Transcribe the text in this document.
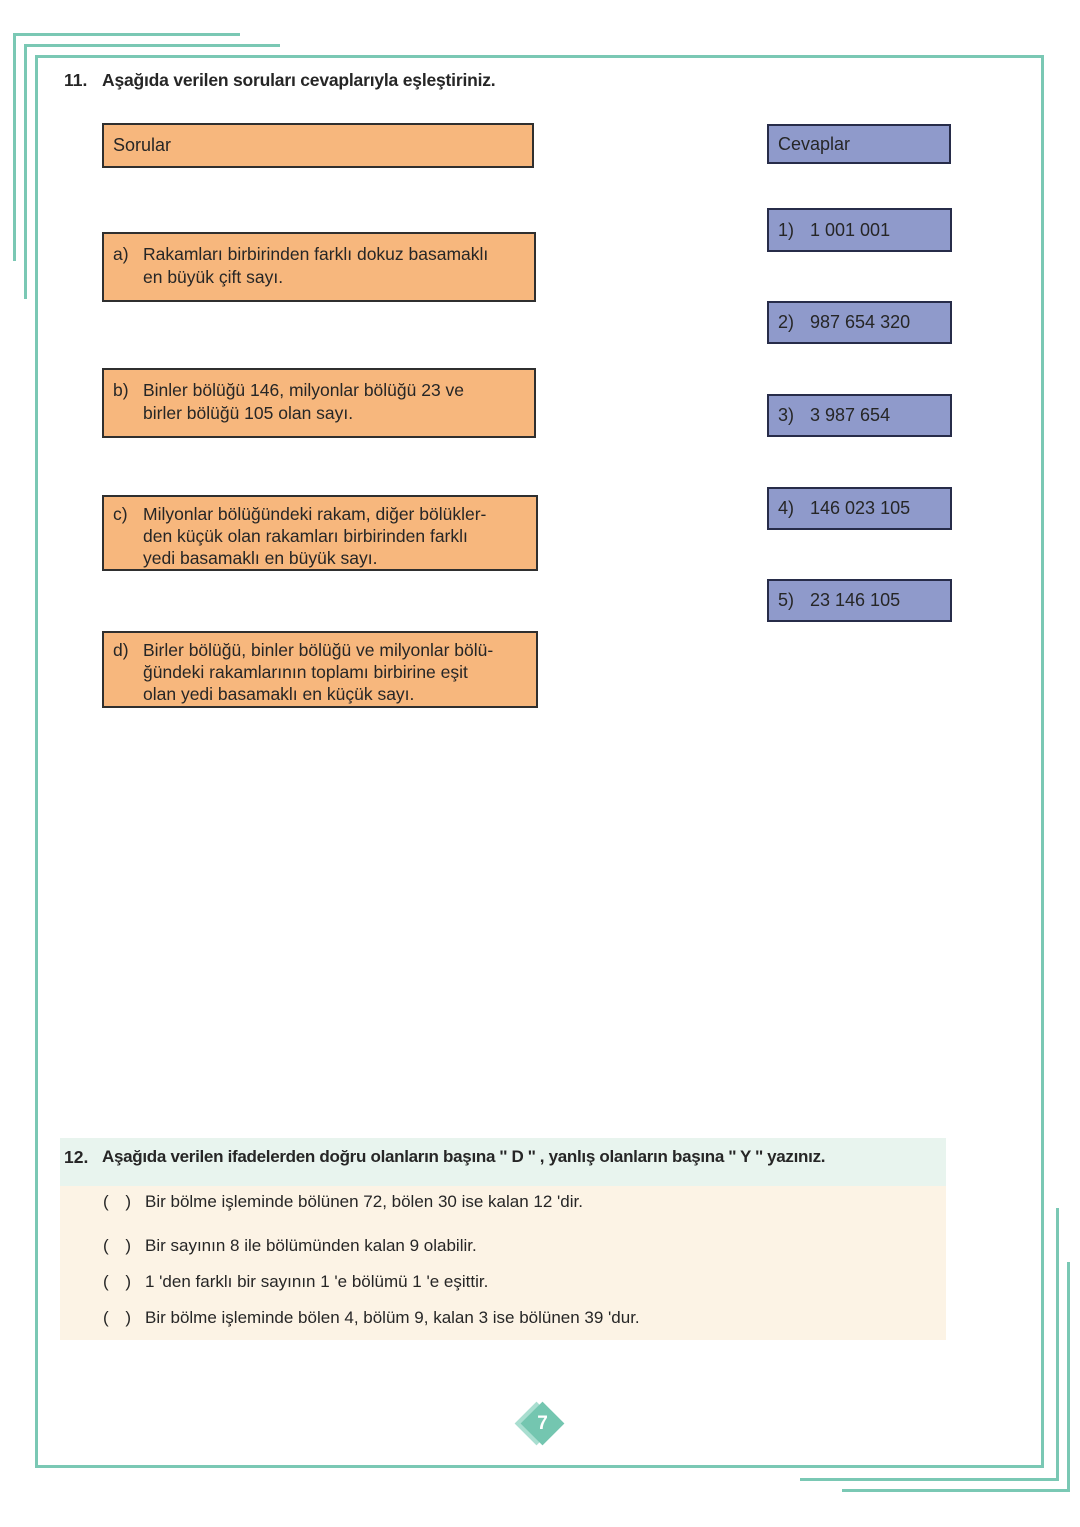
11. Aşağıda verilen soruları cevaplarıyla eşleştiriniz.
Sorular
a) Rakamları birbirinden farklı dokuz basamaklı
en büyük çift sayı.
b) Binler bölüğü 146, milyonlar bölüğü 23 ve
birler bölüğü 105 olan sayı.
c) Milyonlar bölüğündeki rakam, diğer bölükler-
den küçük olan rakamları birbirinden farklı
yedi basamaklı en büyük sayı.
d) Birler bölüğü, binler bölüğü ve milyonlar bölü-
ğündeki rakamlarının toplamı birbirine eşit
olan yedi basamaklı en küçük sayı.
Cevaplar
1) 1 001 001
2) 987 654 320
3) 3 987 654
4) 146 023 105
5) 23 146 105
12. Aşağıda verilen ifadelerden doğru olanların başına '' D '' , yanlış olanların başına '' Y '' yazınız.
( ) Bir bölme işleminde bölünen 72, bölen 30 ise kalan 12 'dir.
( ) Bir sayının 8 ile bölümünden kalan 9 olabilir.
( ) 1 'den farklı bir sayının 1 'e bölümü 1 'e eşittir.
( ) Bir bölme işleminde bölen 4, bölüm 9, kalan 3 ise bölünen 39 'dur.
7
